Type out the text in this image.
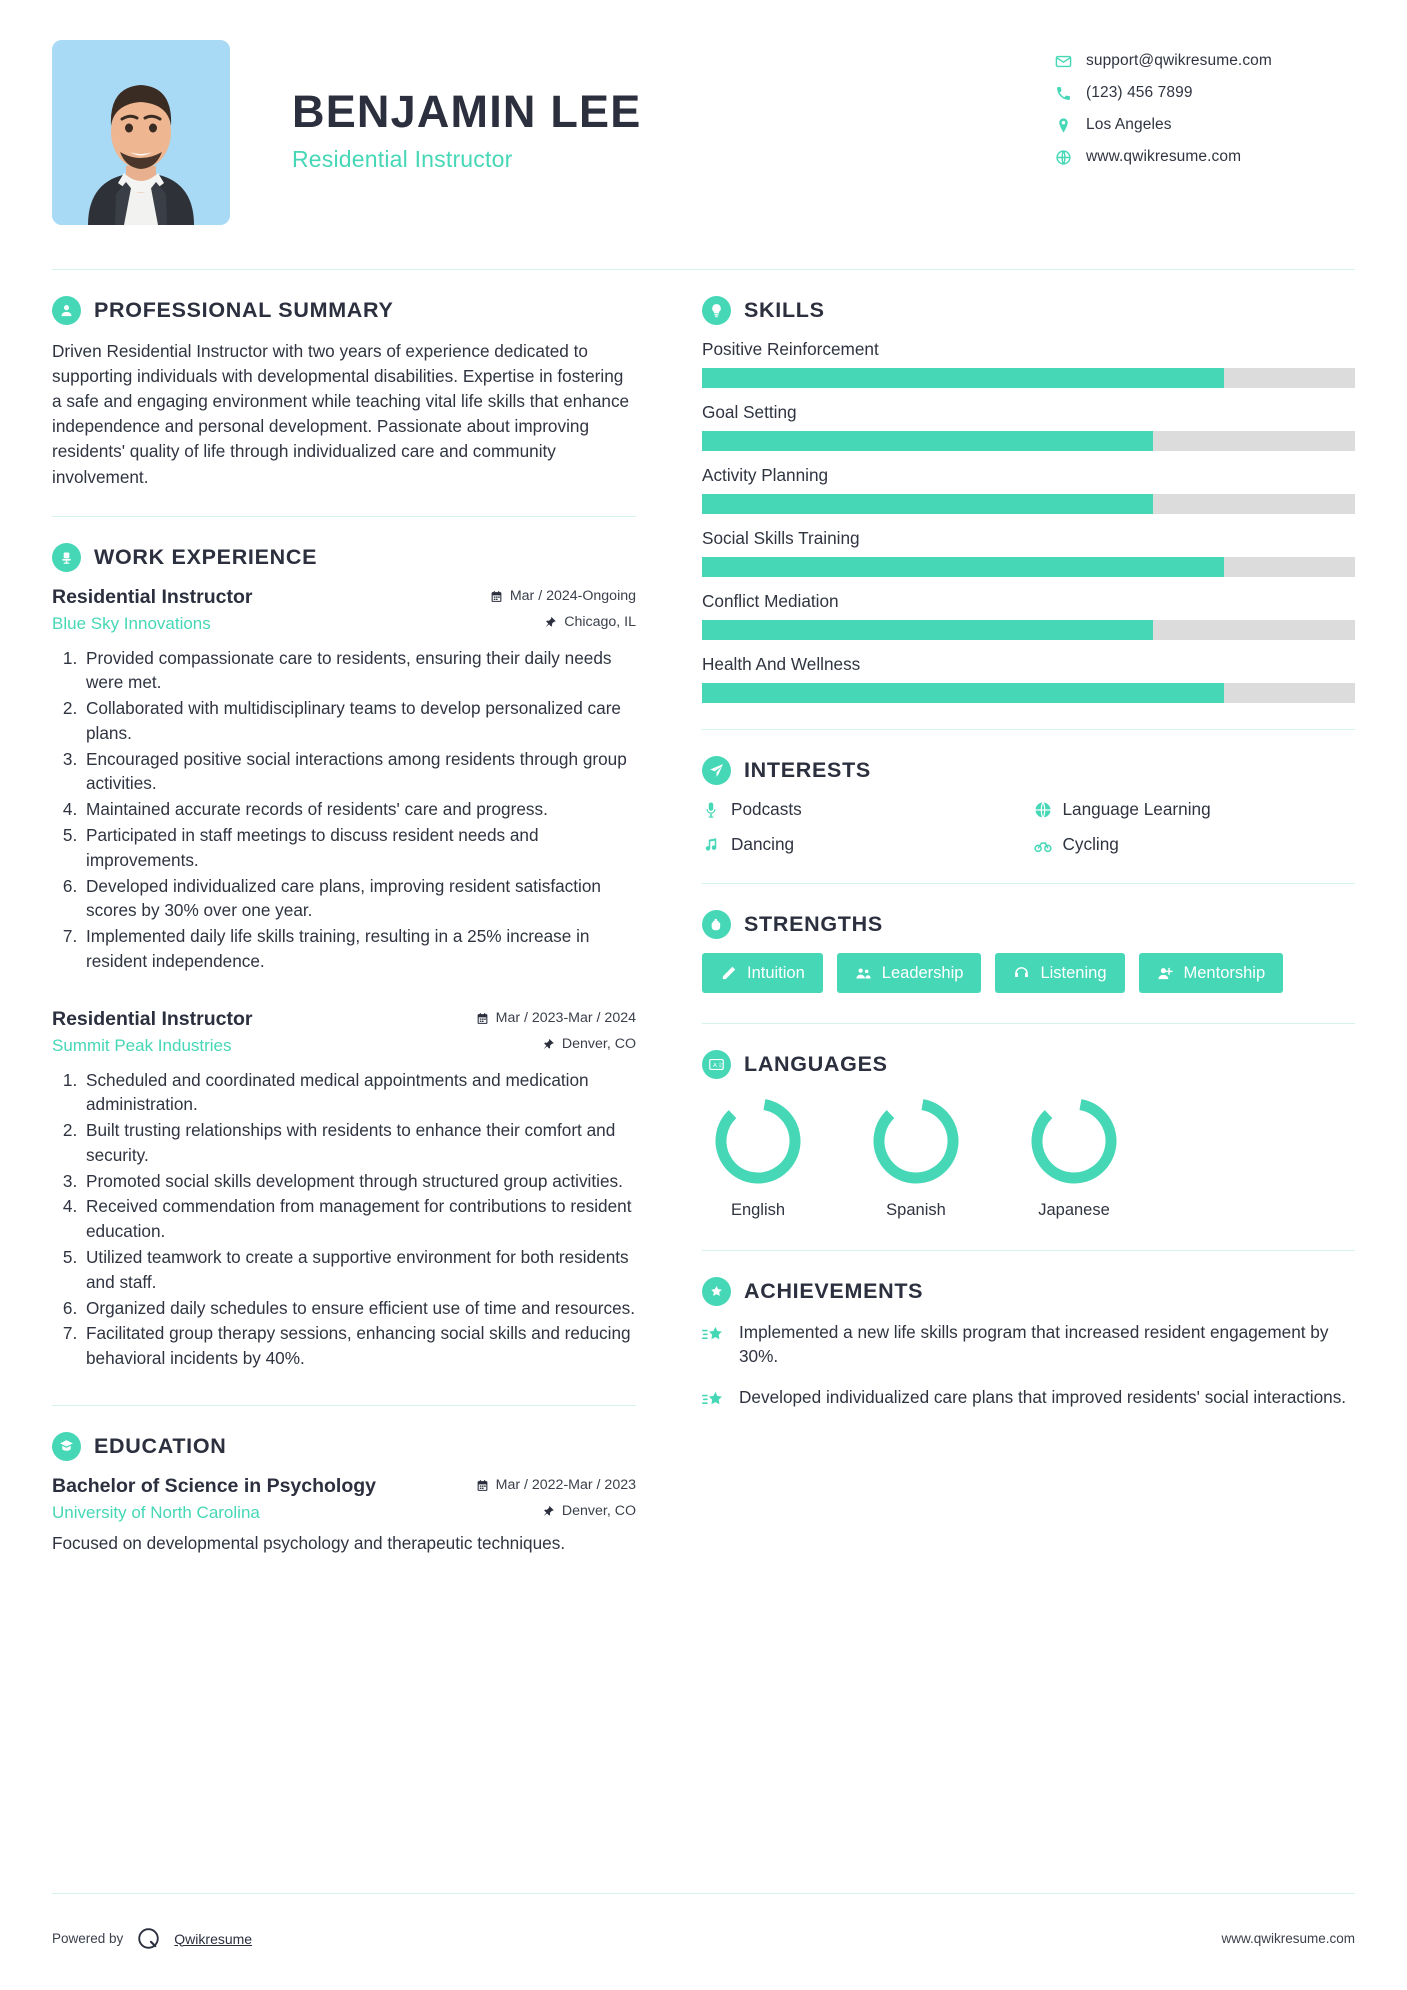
BENJAMIN LEE
Residential Instructor
support@qwikresume.com
(123) 456 7899
Los Angeles
www.qwikresume.com
PROFESSIONAL SUMMARY

Driven Residential Instructor with two years of experience dedicated to supporting individuals with developmental disabilities. Expertise in fostering a safe and engaging environment while teaching vital life skills that enhance independence and personal development. Passionate about improving residents' quality of life through individualized care and community involvement.

WORK EXPERIENCE
Residential Instructor	Mar / 2024-Ongoing
Blue Sky Innovations	Chicago, IL
1. Provided compassionate care to residents, ensuring their daily needs were met.
2. Collaborated with multidisciplinary teams to develop personalized care plans.
3. Encouraged positive social interactions among residents through group activities.
4. Maintained accurate records of residents' care and progress.
5. Participated in staff meetings to discuss resident needs and improvements.
6. Developed individualized care plans, improving resident satisfaction scores by 30% over one year.
7. Implemented daily life skills training, resulting in a 25% increase in resident independence.
Residential Instructor	Mar / 2023-Mar / 2024
Summit Peak Industries	Denver, CO
1. Scheduled and coordinated medical appointments and medication administration.
2. Built trusting relationships with residents to enhance their comfort and security.
3. Promoted social skills development through structured group activities.
4. Received commendation from management for contributions to resident education.
5. Utilized teamwork to create a supportive environment for both residents and staff.
6. Organized daily schedules to ensure efficient use of time and resources.
7. Facilitated group therapy sessions, enhancing social skills and reducing behavioral incidents by 40%.
EDUCATION
Bachelor of Science in Psychology	Mar / 2022-Mar / 2023
University of North Carolina	Denver, CO

Focused on developmental psychology and therapeutic techniques.

SKILLS
Positive Reinforcement
Goal Setting
Activity Planning
Social Skills Training
Conflict Mediation
Health And Wellness
INTERESTS
Podcasts	Language Learning
Dancing	Cycling
STRENGTHS
Intuition	Leadership	Listening	Mentorship
A 文 LANGUAGES
English	Spanish	Japanese
ACHIEVEMENTS

Implemented a new life skills program that increased resident engagement by 30%.

Developed individualized care plans that improved residents' social interactions.

Powered by	Qwikresume	www.qwikresume.com
